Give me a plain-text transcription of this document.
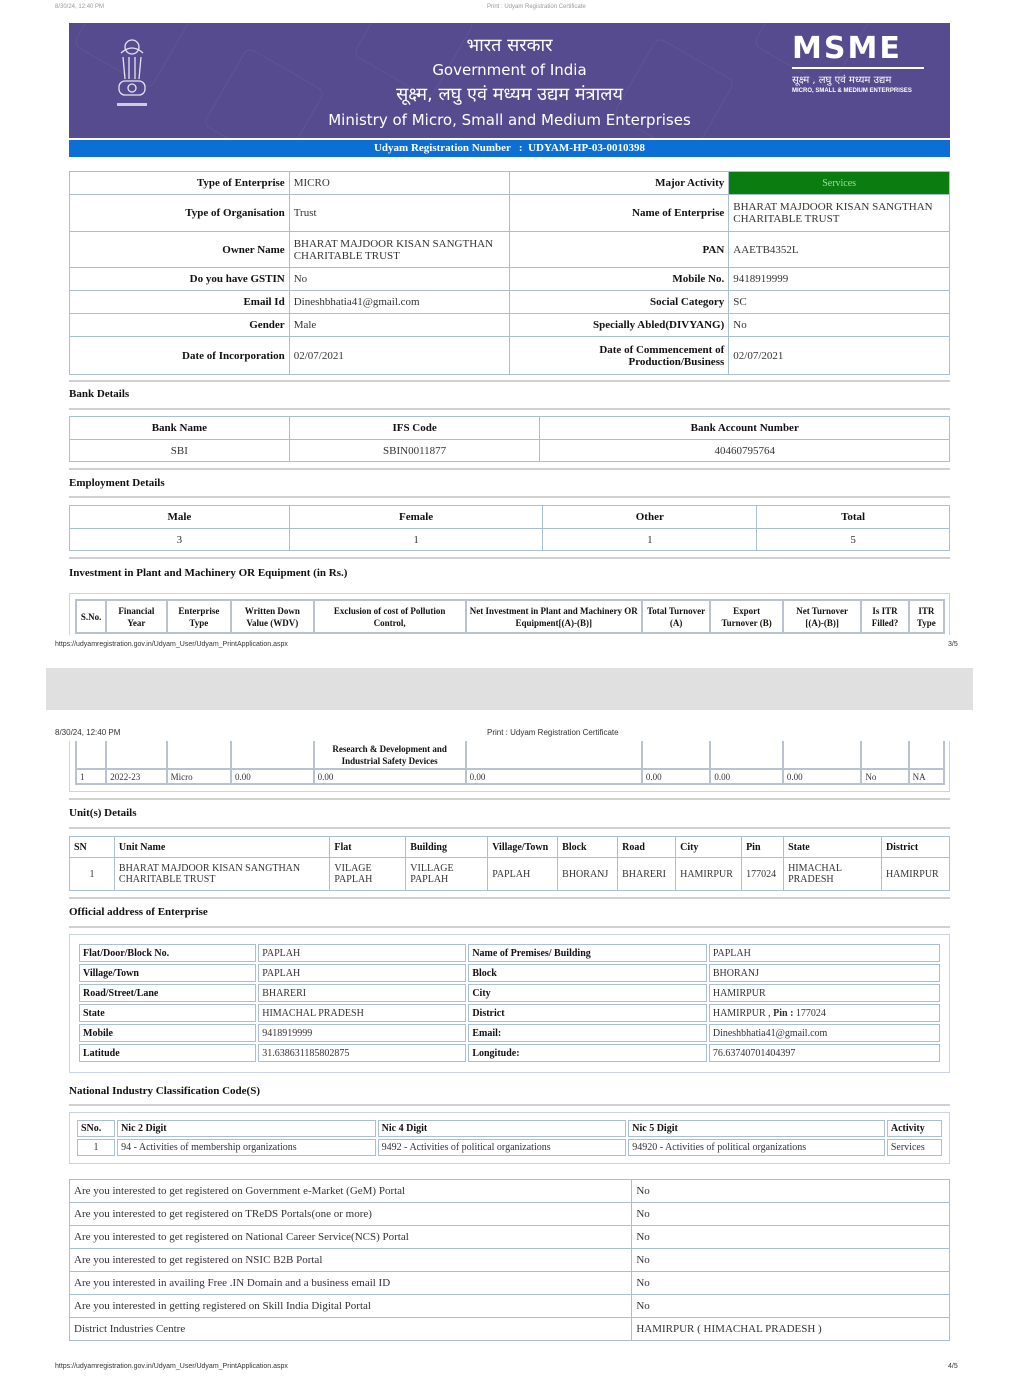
8/30/24, 12:40 PM	Print : Udyam Registration Certificate
भारत सरकार
Government of India
सूक्ष्म, लघु एवं मध्यम उद्यम मंत्रालय
Ministry of Micro, Small and Medium Enterprises
MSME
सूक्ष्म , लघु एवं मध्यम उद्यम
MICRO, SMALL & MEDIUM ENTERPRISES
Udyam Registration Number : UDYAM-HP-03-0010398
Type of Enterprise	MICRO	Major Activity	Services
Type of Organisation	Trust	Name of Enterprise	BHARAT MAJDOOR KISAN SANGTHAN CHARITABLE TRUST
Owner Name	BHARAT MAJDOOR KISAN SANGTHAN CHARITABLE TRUST	PAN	AAETB4352L
Do you have GSTIN	No	Mobile No.	9418919999
Email Id	Dineshbhatia41@gmail.com	Social Category	SC
Gender	Male	Specially Abled(DIVYANG)	No
Date of Incorporation	02/07/2021	Date of Commencement of Production/Business	02/07/2021
Bank Details
Bank Name	IFS Code	Bank Account Number
SBI	SBIN0011877	40460795764
Employment Details
Male	Female	Other	Total
3	1	1	5
Investment in Plant and Machinery OR Equipment (in Rs.)
S.No.	Financial Year	Enterprise Type	Written Down Value (WDV)	Exclusion of cost of Pollution Control,	Net Investment in Plant and Machinery OR Equipment[(A)-(B)]	Total Turnover (A)	Export Turnover (B)	Net Turnover [(A)-(B)]	Is ITR Filled?	ITR Type
https://udyamregistration.gov.in/Udyam_User/Udyam_PrintApplication.aspx	3/5
8/30/24, 12:40 PM	Print : Udyam Registration Certificate
				Research & Development and Industrial Safety Devices						
1	2022-23	Micro	0.00	0.00	0.00	0.00	0.00	0.00	No	NA
Unit(s) Details
SN	Unit Name	Flat	Building	Village/Town	Block	Road	City	Pin	State	District
1	BHARAT MAJDOOR KISAN SANGTHAN CHARITABLE TRUST	VILAGE PAPLAH	VILLAGE PAPLAH	PAPLAH	BHORANJ	BHARERI	HAMIRPUR	177024	HIMACHAL PRADESH	HAMIRPUR
Official address of Enterprise
Flat/Door/Block No.	PAPLAH	Name of Premises/ Building	PAPLAH
Village/Town	PAPLAH	Block	BHORANJ
Road/Street/Lane	BHARERI	City	HAMIRPUR
State	HIMACHAL PRADESH	District	HAMIRPUR , Pin : 177024
Mobile	9418919999	Email:	Dineshbhatia41@gmail.com
Latitude	31.638631185802875	Longitude:	76.63740701404397
National Industry Classification Code(S)
SNo.	Nic 2 Digit	Nic 4 Digit	Nic 5 Digit	Activity
1	94 - Activities of membership organizations	9492 - Activities of political organizations	94920 - Activities of political organizations	Services
Are you interested to get registered on Government e-Market (GeM) Portal	No
Are you interested to get registered on TReDS Portals(one or more)	No
Are you interested to get registered on National Career Service(NCS) Portal	No
Are you interested to get registered on NSIC B2B Portal	No
Are you interested in availing Free .IN Domain and a business email ID	No
Are you interested in getting registered on Skill India Digital Portal	No
District Industries Centre	HAMIRPUR ( HIMACHAL PRADESH )
https://udyamregistration.gov.in/Udyam_User/Udyam_PrintApplication.aspx	4/5
